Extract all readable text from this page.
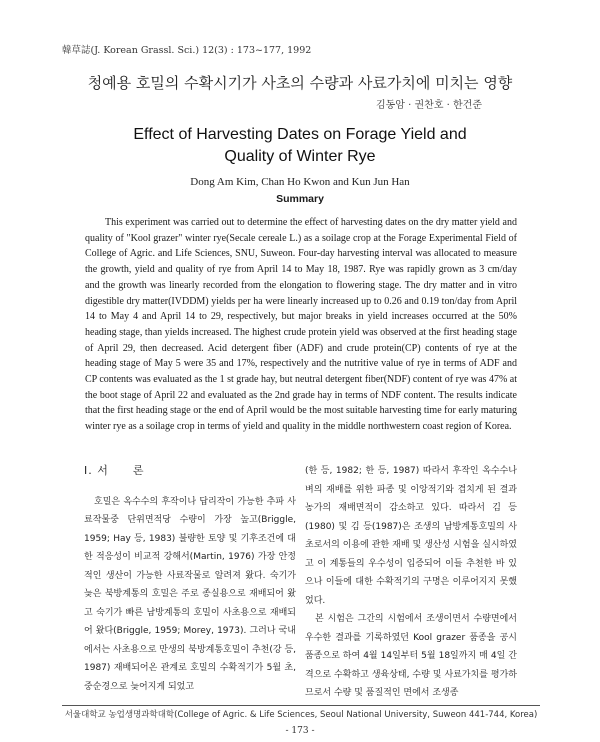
韓草誌(J. Korean Grassl. Sci.) 12(3) : 173~177, 1992
청예용 호밀의 수확시기가 사초의 수량과 사료가치에 미치는 영향
김동암 · 권찬호 · 한건준
Effect of Harvesting Dates on Forage Yield and
Quality of Winter Rye
Dong Am Kim, Chan Ho Kwon and Kun Jun Han
Summary
This experiment was carried out to determine the effect of harvesting dates on the dry matter yield and quality of "Kool grazer" winter rye(Secale cereale L.) as a soilage crop at the Forage Experimental Field of College of Agric. and Life Sciences, SNU, Suweon. Four-day harvesting interval was allocated to measure the growth, yield and quality of rye from April 14 to May 18, 1987. Rye was rapidly grown as 3 cm/day and the growth was linearly recorded from the elongation to flowering stage. The dry matter and in vitro digestible dry matter(IVDDM) yields per ha were linearly increased up to 0.26 and 0.19 ton/day from April 14 to May 4 and April 14 to 29, respectively, but major breaks in yield increases occurred at the 50% heading stage, than yields increased. The highest crude protein yield was observed at the first heading stage of April 29, then decreased. Acid detergent fiber (ADF) and crude protein(CP) contents of rye at the heading stage of May 5 were 35 and 17%, respectively and the nutritive value of rye in terms of ADF and CP contents was evaluated as the 1 st grade hay, but neutral detergent fiber(NDF) content of rye was 47% at the boot stage of April 22 and evaluated as the 2nd grade hay in terms of NDF content. The results indicate that the first heading stage or the end of April would be the most suitable harvesting time for early maturing winter rye as a soilage crop in terms of yield and quality in the middle northwestern coast region of Korea.
Ⅰ. 서　　론

호밀은 옥수수의 후작이나 답리작이 가능한 추파 사료작물중 단위면적당 수량이 가장 높고(Briggle, 1959; Hay 등, 1983) 불량한 토양 및 기후조건에 대한 적응성이 비교적 강해서(Martin, 1976) 가장 안정적인 생산이 가능한 사료작물로 알려져 왔다. 숙기가 늦은 북방계통의 호밀은 주로 종실용으로 재배되어 왔고 숙기가 빠른 남방계통의 호밀이 사초용으로 재배되어 왔다(Briggle, 1959; Morey, 1973). 그러나 국내에서는 사초용으로 만생의 북방계통호밀이 추천(강 등, 1987) 재배되어온 관계로 호밀의 수확적기가 5월 초, 중순경으로 늦어지게 되었고

(한 등, 1982; 한 등, 1987) 따라서 후작인 옥수수나 벼의 재배를 위한 파종 및 이앙적기와 겹치게 된 결과 농가의 재배면적이 감소하고 있다. 따라서 김 등(1980) 및 김 등(1987)은 조생의 남방계통호밀의 사초로서의 이용에 관한 재배 및 생산성 시험을 실시하였고 이 계통들의 우수성이 입증되어 이들 추천한 바 있으나 이들에 대한 수확적기의 구명은 이루어지지 못했었다.

본 시험은 그간의 시험에서 조생이면서 수량면에서 우수한 결과를 기록하였던 Kool grazer 품종을 공시 품종으로 하여 4월 14일부터 5월 18일까지 매 4일 간격으로 수확하고 생육상태, 수량 및 사료가치를 평가하므로서 수량 및 품질적인 면에서 조생종

서울대학교 농업생명과학대학(College of Agric. & Life Sciences, Seoul National University, Suweon 441-744, Korea)
- 173 -
